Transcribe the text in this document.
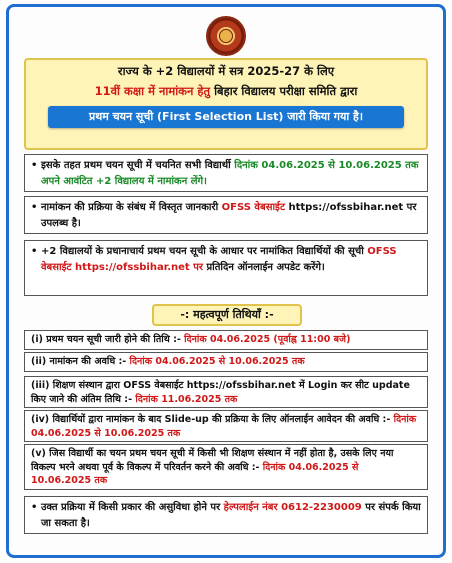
राज्य के +2 विद्यालयों में सत्र 2025-27 के लिए
11वीं कक्षा में नामांकन हेतु बिहार विद्यालय परीक्षा समिति द्वारा
प्रथम चयन सूची (First Selection List) जारी किया गया है।
• इसके तहत प्रथम चयन सूची में चयनित सभी विद्यार्थी दिनांक 04.06.2025 से 10.06.2025 तक अपने आवंटित +2 विद्यालय में नामांकन लेंगे।
• नामांकन की प्रक्रिया के संबंध में विस्तृत जानकारी OFSS वेबसाईट https://ofssbihar.net पर उपलब्ध है।
• +2 विद्यालयों के प्रधानाचार्य प्रथम चयन सूची के आधार पर नामांकित विद्यार्थियों की सूची OFSS वेबसाईट https://ofssbihar.net पर प्रतिदिन ऑनलाईन अपडेट करेंगे।
-: महत्वपूर्ण तिथियाँ :-
(i) प्रथम चयन सूची जारी होने की तिथि :- दिनांक 04.06.2025 (पूर्वाह्न 11:00 बजे)
(ii) नामांकन की अवधि :- दिनांक 04.06.2025 से 10.06.2025 तक
(iii) शिक्षण संस्थान द्वारा OFSS वेबसाईट https://ofssbihar.net में Login कर सीट update किए जाने की अंतिम तिथि :- दिनांक 11.06.2025 तक
(iv) विद्यार्थियों द्वारा नामांकन के बाद Slide-up की प्रक्रिया के लिए ऑनलाईन आवेदन की अवधि :- दिनांक 04.06.2025 से 10.06.2025 तक
(v) जिस विद्यार्थी का चयन प्रथम चयन सूची में किसी भी शिक्षण संस्थान में नहीं होता है, उसके लिए नया विकल्प भरने अथवा पूर्व के विकल्प में परिवर्तन करने की अवधि :- दिनांक 04.06.2025 से 10.06.2025 तक
• उक्त प्रक्रिया में किसी प्रकार की असुविधा होने पर हेल्पलाईन नंबर 0612-2230009 पर संपर्क किया जा सकता है।
